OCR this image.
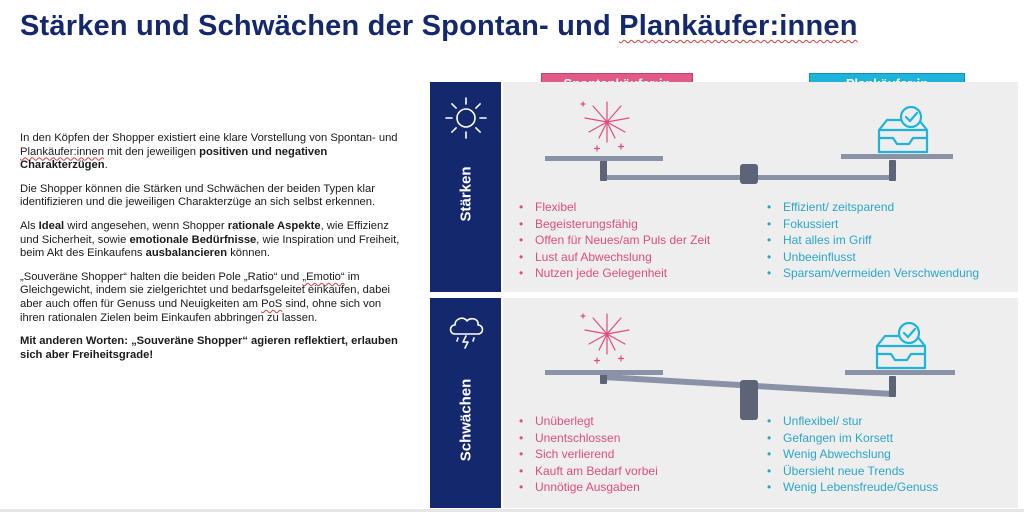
Stärken und Schwächen der Spontan- und Plankäufer:innen

In den Köpfen der Shopper existiert eine klare Vorstellung von Spontan- und Plankäufer:innen mit den jeweiligen positiven und negativen Charakterzügen.

Die Shopper können die Stärken und Schwächen der beiden Typen klar identifizieren und die jeweiligen Charakterzüge an sich selbst erkennen.

Als Ideal wird angesehen, wenn Shopper rationale Aspekte, wie Effizienz und Sicherheit, sowie emotionale Bedürfnisse, wie Inspiration und Freiheit, beim Akt des Einkaufens ausbalancieren können.

„Souveräne Shopper“ halten die beiden Pole „Ratio“ und „Emotio“ im Gleichgewicht, indem sie zielgerichtet und bedarfsgeleitet einkaufen, dabei aber auch offen für Genuss und Neuigkeiten am PoS sind, ohne sich von ihren rationalen Zielen beim Einkaufen abbringen zu lassen.

Mit anderen Worten: „Souveräne Shopper“ agieren reflektiert, erlauben sich aber Freiheitsgrade!

Stärken	• Flexibel
• Begeisterungsfähig
• Offen für Neues/am Puls der Zeit
• Lust auf Abwechslung
• Nutzen jede Gelegenheit
• Effizient/ zeitsparend
• Fokussiert
• Hat alles im Griff
• Unbeeinflusst
• Sparsam/vermeiden Verschwendung
Schwächen	• Unüberlegt
• Unentschlossen
• Sich verlierend
• Kauft am Bedarf vorbei
• Unnötige Ausgaben
• Unflexibel/ stur
• Gefangen im Korsett
• Wenig Abwechslung
• Übersieht neue Trends
• Wenig Lebensfreude/Genuss
